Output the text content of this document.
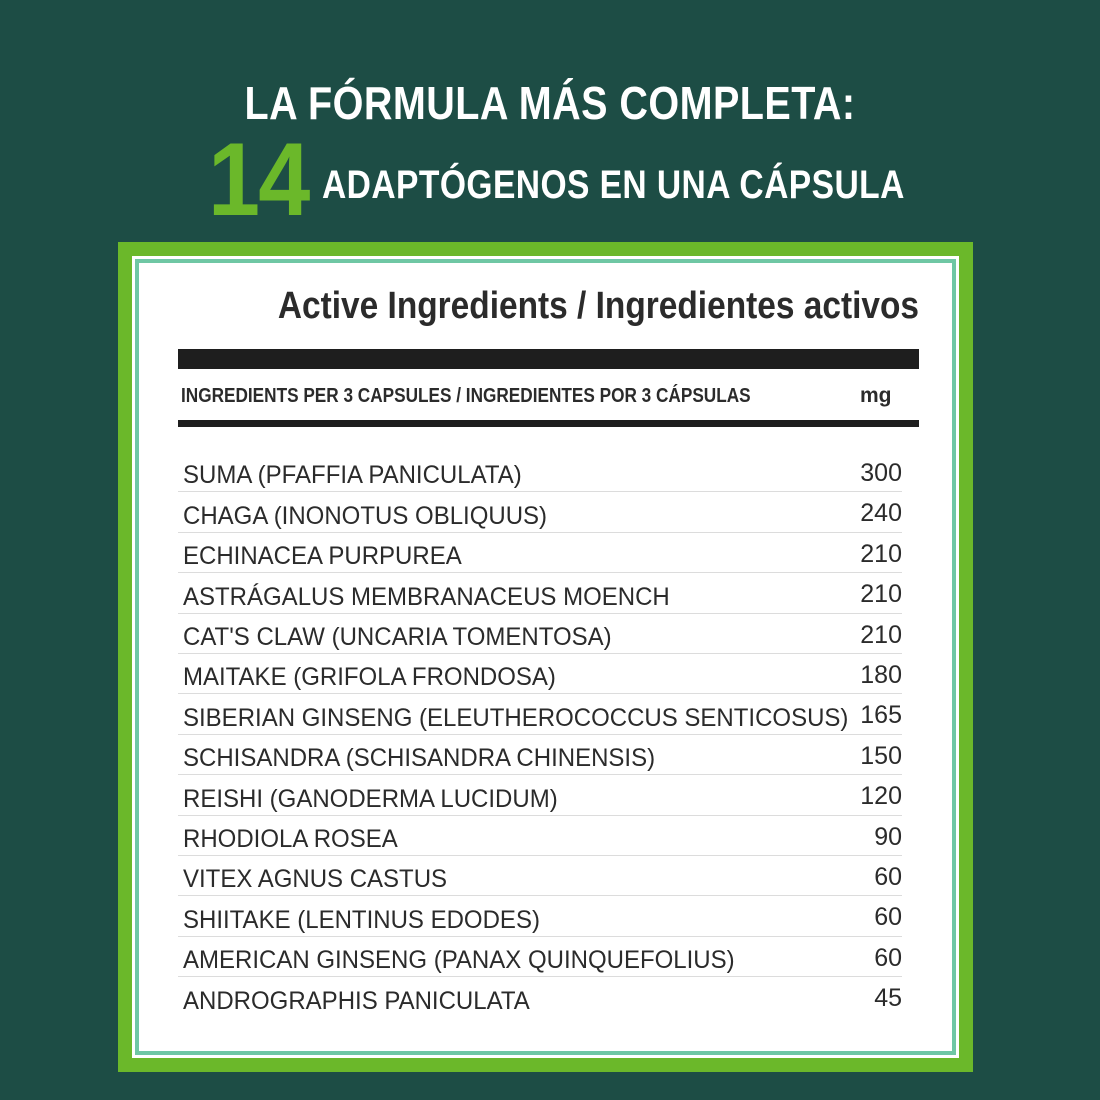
LA FÓRMULA MÁS COMPLETA:
14 ADAPTÓGENOS EN UNA CÁPSULA
Active Ingredients / Ingredientes activos
INGREDIENTS PER 3 CAPSULES / INGREDIENTES POR 3 CÁPSULAS	mg
SUMA (PFAFFIA PANICULATA)	300
CHAGA (INONOTUS OBLIQUUS)	240
ECHINACEA PURPUREA	210
ASTRÁGALUS MEMBRANACEUS MOENCH	210
CAT'S CLAW (UNCARIA TOMENTOSA)	210
MAITAKE (GRIFOLA FRONDOSA)	180
SIBERIAN GINSENG (ELEUTHEROCOCCUS SENTICOSUS) 165
SCHISANDRA (SCHISANDRA CHINENSIS)	150
REISHI (GANODERMA LUCIDUM)	120
RHODIOLA ROSEA	90
VITEX AGNUS CASTUS	60
SHIITAKE (LENTINUS EDODES)	60
AMERICAN GINSENG (PANAX QUINQUEFOLIUS)	60
ANDROGRAPHIS PANICULATA	45
